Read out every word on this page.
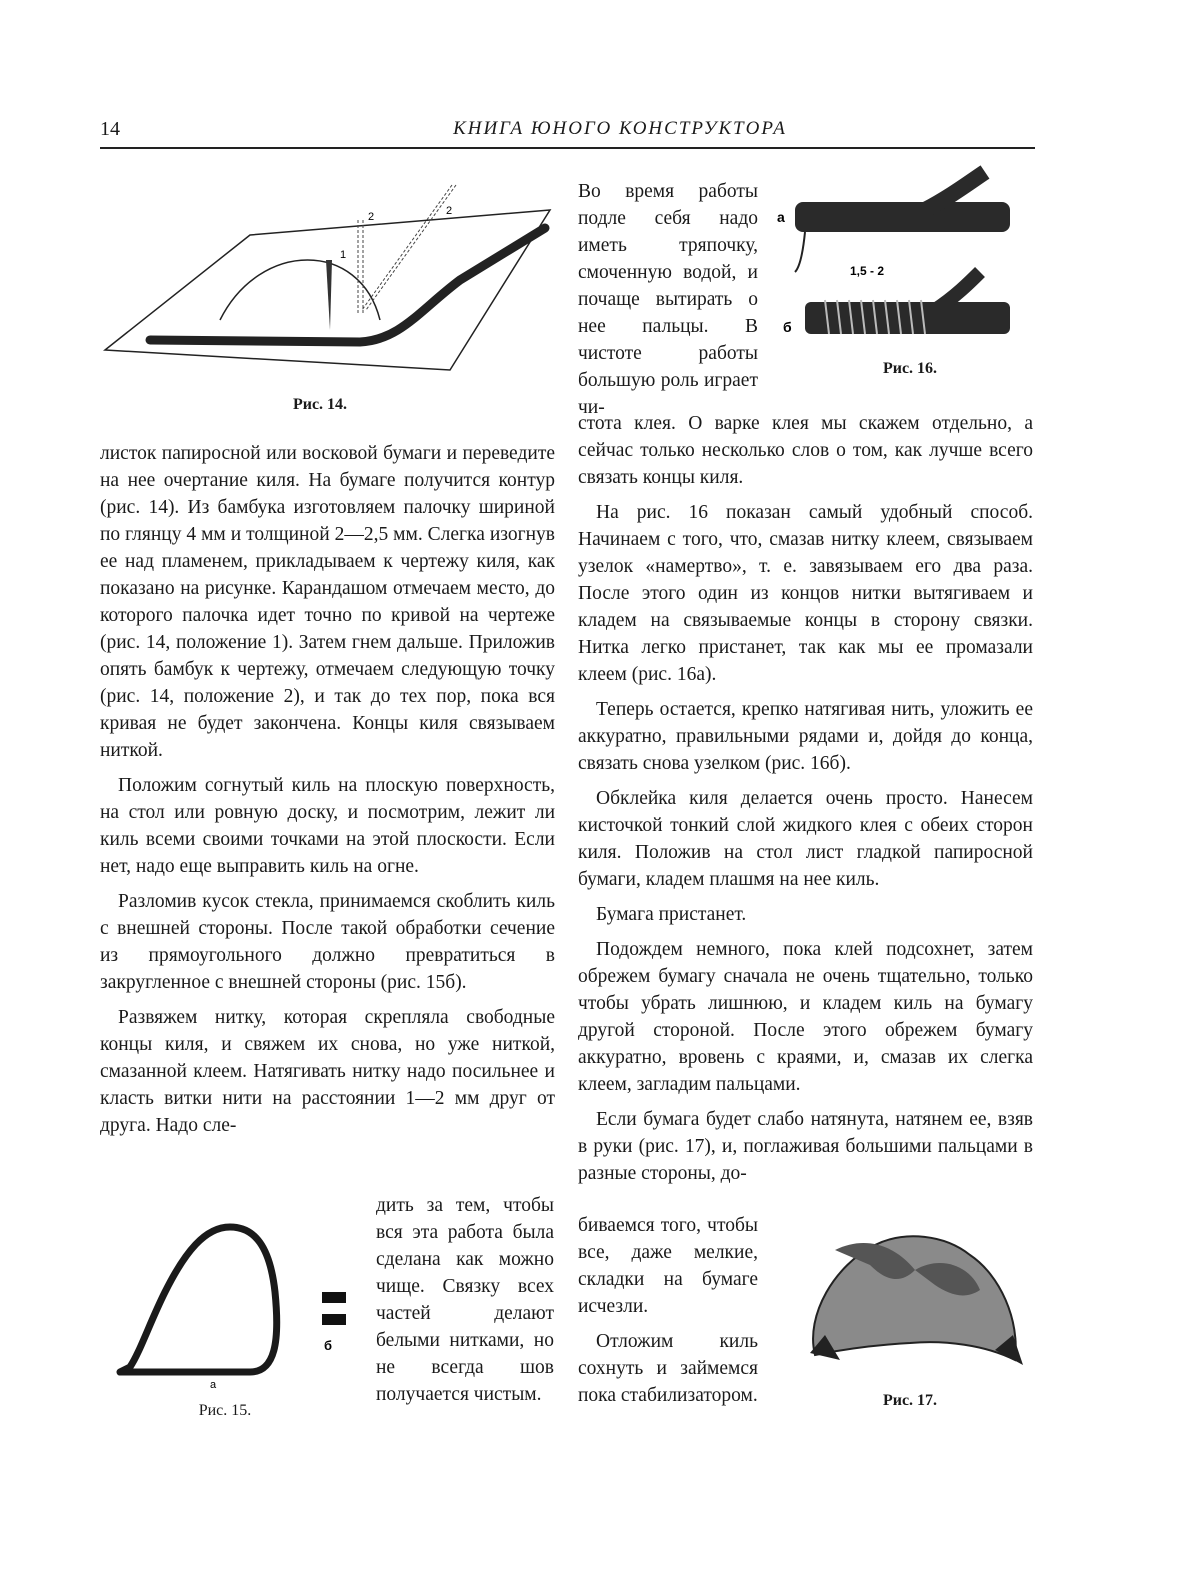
14	КНИГА ЮНОГО КОНСТРУКТОРА
1
2	2
Рис. 14.

листок папиросной или восковой бумаги и переведите на нее очертание киля. На бумаге получится контур (рис. 14). Из бамбука изготовляем палочку шириной по глянцу 4 мм и толщиной 2—2,5 мм. Слегка изогнув ее над пламенем, прикладываем к чертежу киля, как показано на рисунке. Карандашом отмечаем место, до которого палочка идет точно по кривой на чертеже (рис. 14, положение 1). Затем гнем дальше. Приложив опять бамбук к чертежу, отмечаем следующую точку (рис. 14, положение 2), и так до тех пор, пока вся кривая не будет закончена. Концы киля связываем ниткой.

Положим согнутый киль на плоскую поверхность, на стол или ровную доску, и посмотрим, лежит ли киль всеми своими точками на этой плоскости. Если нет, надо еще выправить киль на огне.

Разломив кусок стекла, принимаемся скоблить киль с внешней стороны. После такой обработки сечение из прямоугольного должно превратиться в закругленное с внешней стороны (рис. 15б).

Развяжем нитку, которая скрепляла свободные концы киля, и свяжем их снова, но уже ниткой, смазанной клеем. Натягивать нитку надо посильнее и класть витки нити на расстоянии 1—2 мм друг от друга. Надо сле-

а
б
Рис. 15.

дить за тем, чтобы вся эта работа была сделана как можно чище. Связку всех частей делают белыми нитками, но не всегда шов получается чистым.

Во время работы подле себя надо иметь тряпочку, смоченную водой, и почаще вытирать о нее пальцы. В чистоте работы большую роль играет чи-

а
1,5 - 2
б
Рис. 16.

стота клея. О варке клея мы скажем отдельно, а сейчас только несколько слов о том, как лучше всего связать концы киля.

На рис. 16 показан самый удобный способ. Начинаем с того, что, смазав нитку клеем, связываем узелок «намертво», т. е. завязываем его два раза. После этого один из концов нитки вытягиваем и кладем на связываемые концы в сторону связки. Нитка легко пристанет, так как мы ее промазали клеем (рис. 16а).

Теперь остается, крепко натягивая нить, уложить ее аккуратно, правильными рядами и, дойдя до конца, связать снова узелком (рис. 16б).

Обклейка киля делается очень просто. Нанесем кисточкой тонкий слой жидкого клея с обеих сторон киля. Положив на стол лист гладкой папиросной бумаги, кладем плашмя на нее киль.

Бумага пристанет.

Подождем немного, пока клей подсохнет, затем обрежем бумагу сначала не очень тщательно, только чтобы убрать лишнюю, и кладем киль на бумагу другой стороной. После этого обрежем бумагу аккуратно, вровень с краями, и, смазав их слегка клеем, загладим пальцами.

Если бумага будет слабо натянута, натянем ее, взяв в руки (рис. 17), и, поглаживая большими пальцами в разные стороны, до-

биваемся того, чтобы все, даже мелкие, складки на бумаге исчезли.

Отложим киль сохнуть и займемся пока стабилизатором.	Рис. 17.
